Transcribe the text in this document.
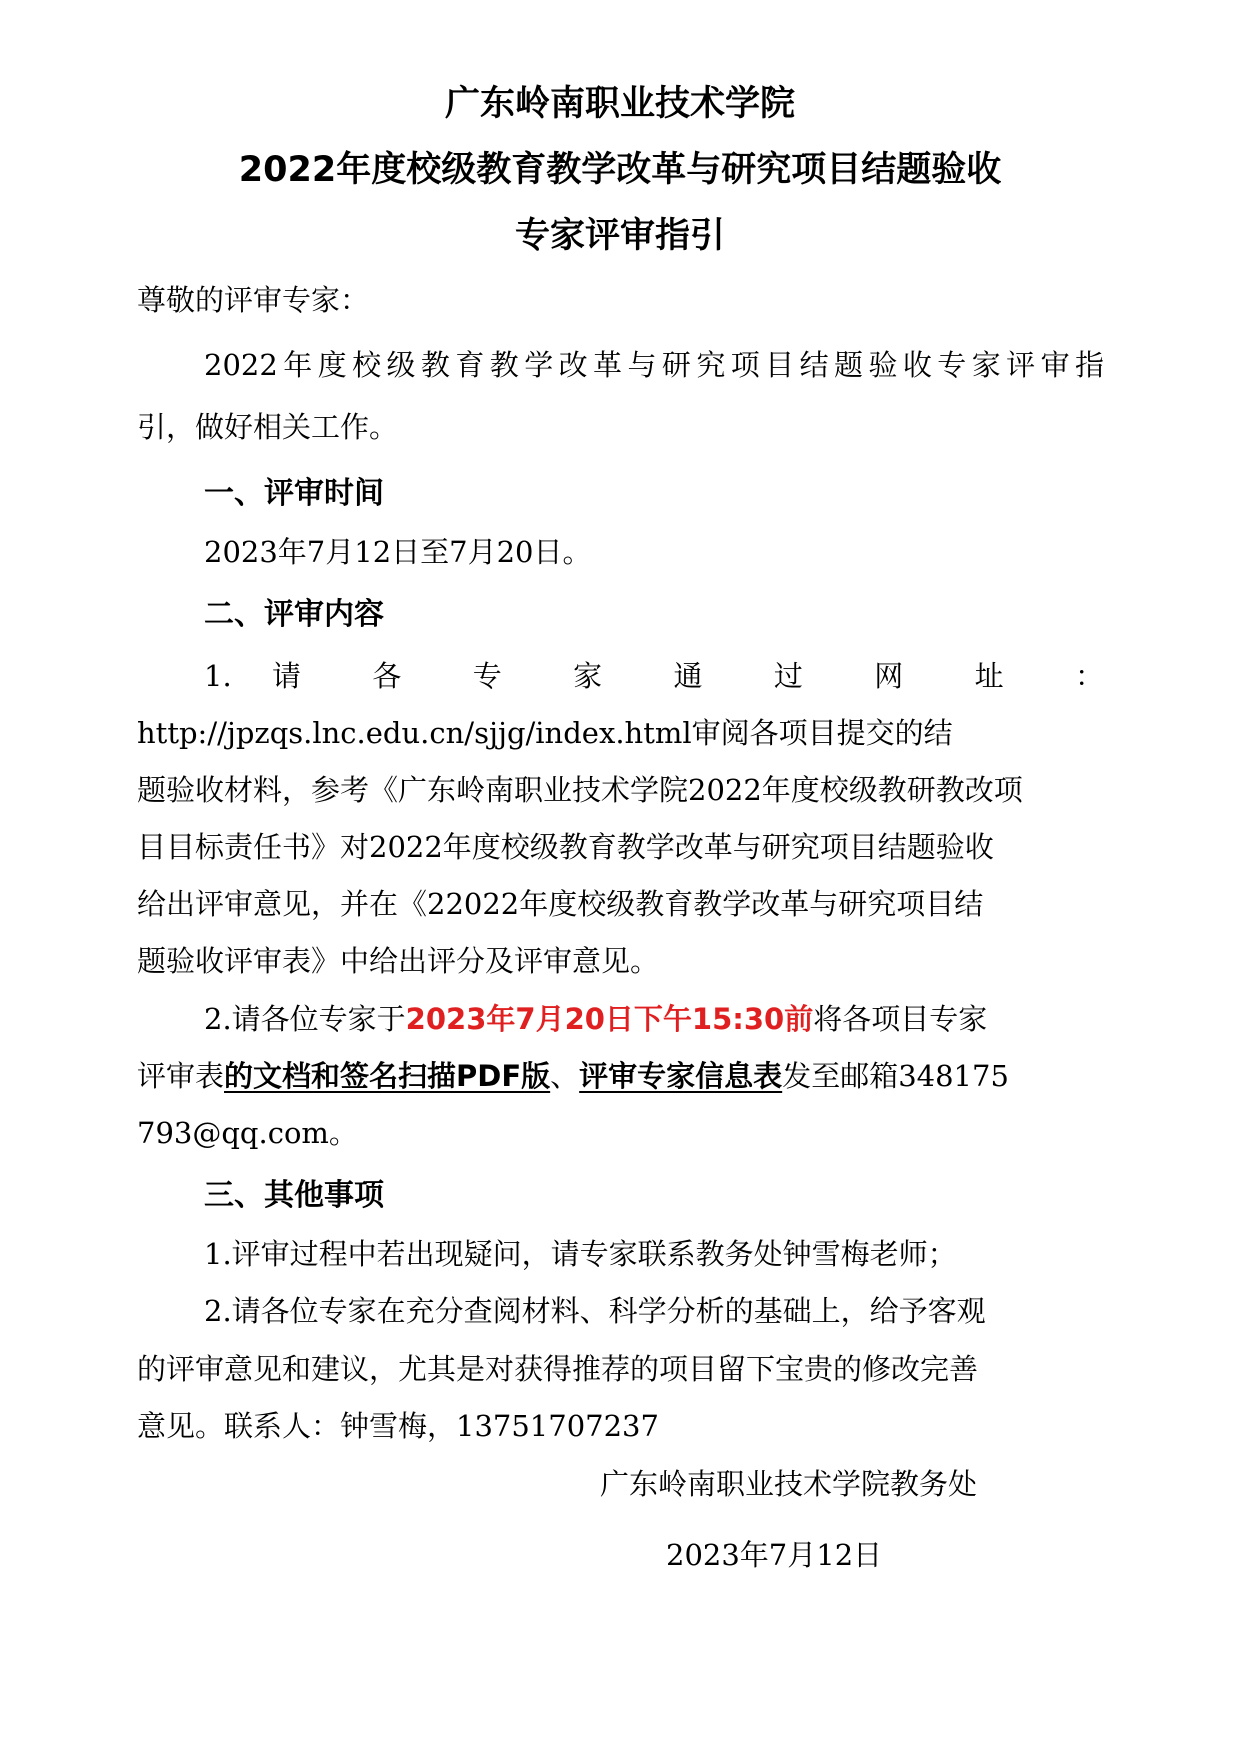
广东岭南职业技术学院
2022年度校级教育教学改革与研究项目结题验收
专家评审指引
尊敬的评审专家：
2022年度校级教育教学改革与研究项目结题验收专家评审指
引，做好相关工作。
一、评审时间
2023年7月12日至7月20日。
二、评审内容
1. 请 各 专 家 通 过 网 址 ：
http://jpzqs.lnc.edu.cn/sjjg/index.html审阅各项目提交的结
题验收材料，参考《广东岭南职业技术学院2022年度校级教研教改项
目目标责任书》对2022年度校级教育教学改革与研究项目结题验收
给出评审意见，并在《22022年度校级教育教学改革与研究项目结
题验收评审表》中给出评分及评审意见。
2.请各位专家于2023年7月20日下午15:30前将各项目专家
评审表的文档和签名扫描PDF版、评审专家信息表发至邮箱348175
793@qq.com。
三、其他事项
1.评审过程中若出现疑问，请专家联系教务处钟雪梅老师；
2.请各位专家在充分查阅材料、科学分析的基础上，给予客观
的评审意见和建议，尤其是对获得推荐的项目留下宝贵的修改完善
意见。联系人：钟雪梅，13751707237
广东岭南职业技术学院教务处
2023年7月12日
